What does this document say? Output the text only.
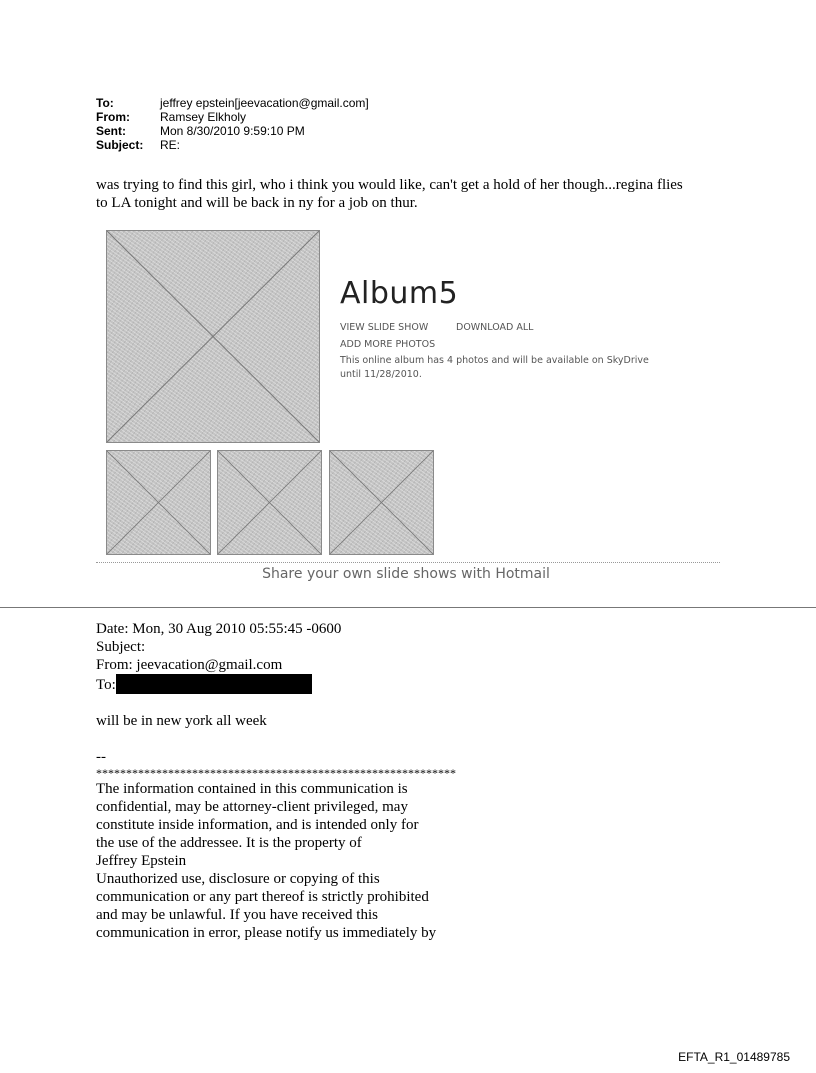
To:	jeffrey epstein[jeevacation@gmail.com]
From:	Ramsey Elkholy
Sent:	Mon 8/30/2010 9:59:10 PM
Subject:	RE:
was trying to find this girl, who i think you would like, can't get a hold of her though...regina flies
to LA tonight and will be back in ny for a job on thur.
Album5
VIEW SLIDE SHOW	DOWNLOAD ALL
ADD MORE PHOTOS
This online album has 4 photos and will be available on SkyDrive
until 11/28/2010.
Share your own slide shows with Hotmail
Date: Mon, 30 Aug 2010 05:55:45 -0600
Subject:
From: jeevacation@gmail.com
To:
will be in new york all week
--
************************************************************
The information contained in this communication is
confidential, may be attorney-client privileged, may
constitute inside information, and is intended only for
the use of the addressee. It is the property of
Jeffrey Epstein
Unauthorized use, disclosure or copying of this
communication or any part thereof is strictly prohibited
and may be unlawful. If you have received this
communication in error, please notify us immediately by
EFTA_R1_01489785
